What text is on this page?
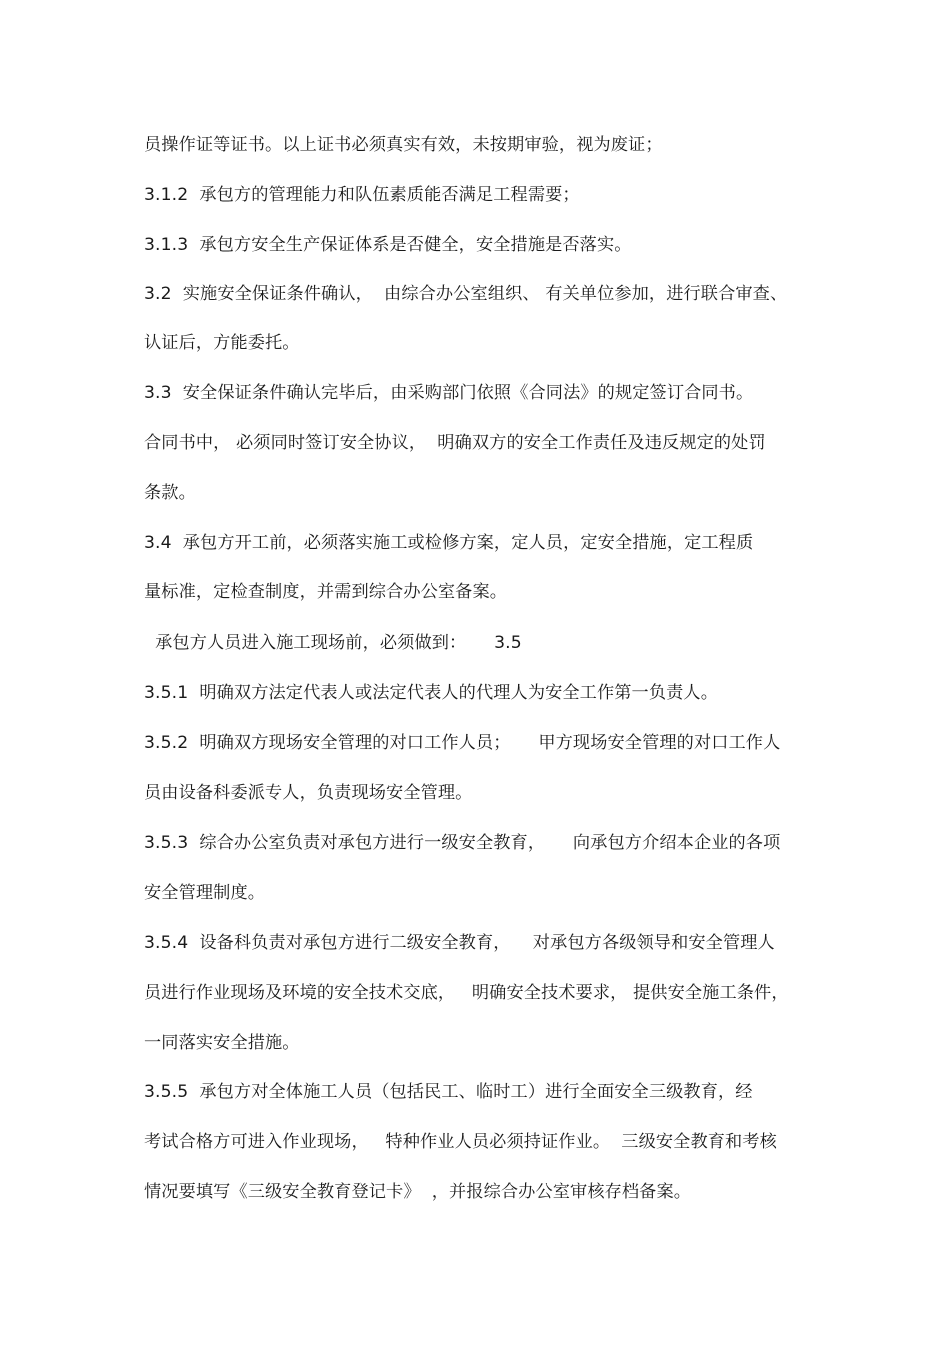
员操作证等证书。以上证书必须真实有效，未按期审验，视为废证；
3.1.2  承包方的管理能力和队伍素质能否满足工程需要；
3.1.3  承包方安全生产保证体系是否健全，安全措施是否落实。
3.2  实施安全保证条件确认，  由综合办公室组织、 有关单位参加，进行联合审查、
认证后，方能委托。
3.3  安全保证条件确认完毕后，由采购部门依照《合同法》的规定签订合同书。
合同书中， 必须同时签订安全协议，  明确双方的安全工作责任及违反规定的处罚
条款。
3.4  承包方开工前，必须落实施工或检修方案，定人员，定安全措施，定工程质
量标准，定检查制度，并需到综合办公室备案。
承包方人员进入施工现场前，必须做到：     3.5
3.5.1  明确双方法定代表人或法定代表人的代理人为安全工作第一负责人。
3.5.2  明确双方现场安全管理的对口工作人员；     甲方现场安全管理的对口工作人
员由设备科委派专人，负责现场安全管理。
3.5.3  综合办公室负责对承包方进行一级安全教育，     向承包方介绍本企业的各项
安全管理制度。
3.5.4  设备科负责对承包方进行二级安全教育，    对承包方各级领导和安全管理人
员进行作业现场及环境的安全技术交底，   明确安全技术要求， 提供安全施工条件，
一同落实安全措施。
3.5.5  承包方对全体施工人员（包括民工、临时工）进行全面安全三级教育，经
考试合格方可进入作业现场，   特种作业人员必须持证作业。  三级安全教育和考核
情况要填写《三级安全教育登记卡》  ，并报综合办公室审核存档备案。
